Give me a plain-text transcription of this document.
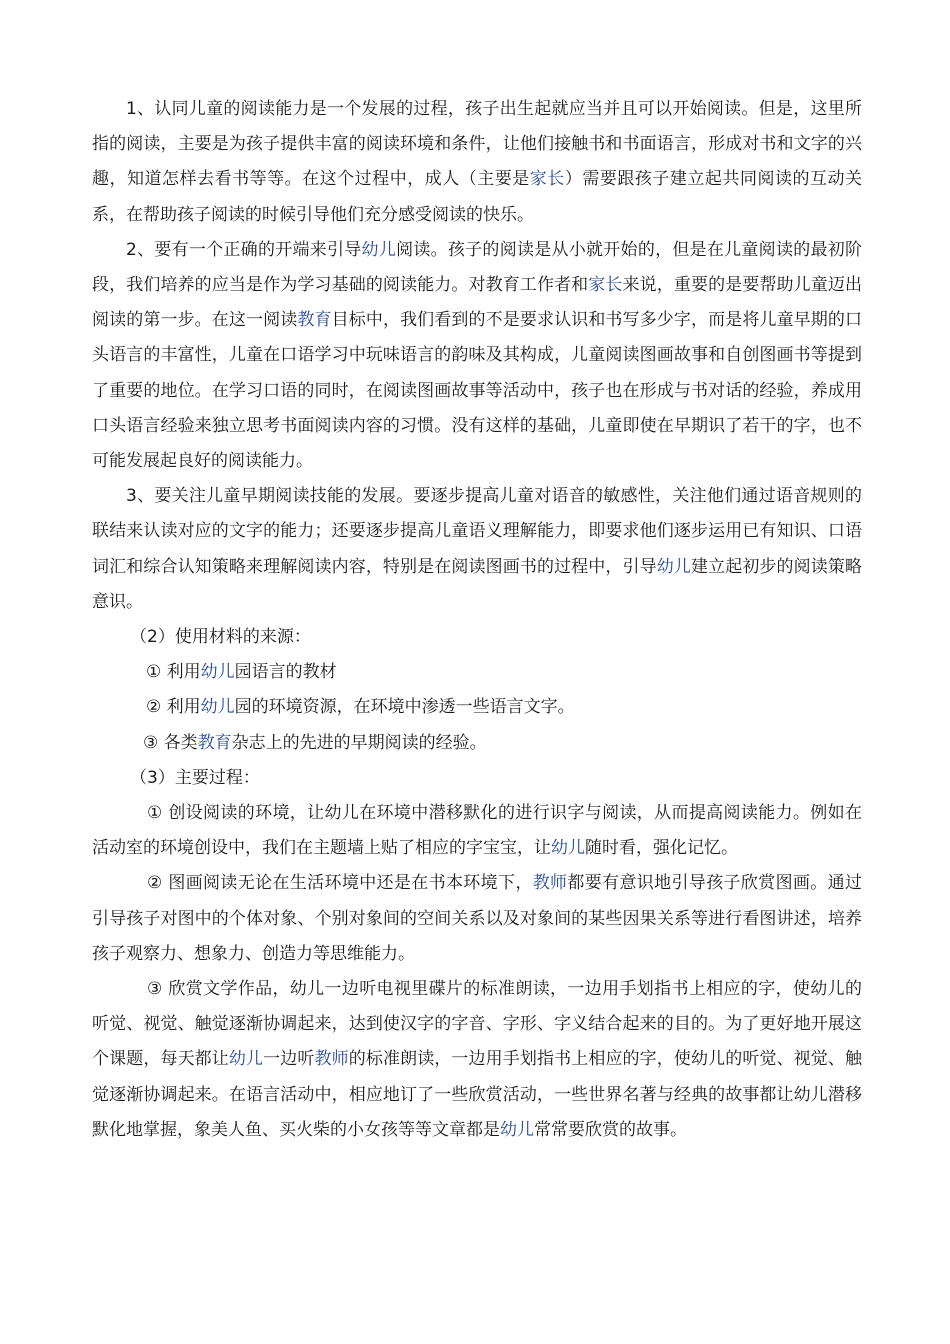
1、认同儿童的阅读能力是一个发展的过程，孩子出生起就应当并且可以开始阅读。但是，这里所指的阅读，主要是为孩子提供丰富的阅读环境和条件，让他们接触书和书面语言，形成对书和文字的兴趣，知道怎样去看书等等。在这个过程中，成人（主要是家长）需要跟孩子建立起共同阅读的互动关系，在帮助孩子阅读的时候引导他们充分感受阅读的快乐。

2、要有一个正确的开端来引导幼儿阅读。孩子的阅读是从小就开始的，但是在儿童阅读的最初阶段，我们培养的应当是作为学习基础的阅读能力。对教育工作者和家长来说，重要的是要帮助儿童迈出阅读的第一步。在这一阅读教育目标中，我们看到的不是要求认识和书写多少字，而是将儿童早期的口头语言的丰富性，儿童在口语学习中玩味语言的韵味及其构成，儿童阅读图画故事和自创图画书等提到了重要的地位。在学习口语的同时，在阅读图画故事等活动中，孩子也在形成与书对话的经验，养成用口头语言经验来独立思考书面阅读内容的习惯。没有这样的基础，儿童即使在早期识了若干的字，也不可能发展起良好的阅读能力。

3、要关注儿童早期阅读技能的发展。要逐步提高儿童对语音的敏感性，关注他们通过语音规则的联结来认读对应的文字的能力；还要逐步提高儿童语义理解能力，即要求他们逐步运用已有知识、口语词汇和综合认知策略来理解阅读内容，特别是在阅读图画书的过程中，引导幼儿建立起初步的阅读策略意识。

（2）使用材料的来源：

① 利用幼儿园语言的教材

② 利用幼儿园的环境资源，在环境中渗透一些语言文字。

③ 各类教育杂志上的先进的早期阅读的经验。

（3）主要过程：

① 创设阅读的环境，让幼儿在环境中潜移默化的进行识字与阅读，从而提高阅读能力。例如在活动室的环境创设中，我们在主题墙上贴了相应的字宝宝，让幼儿随时看，强化记忆。

② 图画阅读无论在生活环境中还是在书本环境下，教师都要有意识地引导孩子欣赏图画。通过引导孩子对图中的个体对象、个别对象间的空间关系以及对象间的某些因果关系等进行看图讲述，培养孩子观察力、想象力、创造力等思维能力。

③ 欣赏文学作品，幼儿一边听电视里碟片的标准朗读，一边用手划指书上相应的字，使幼儿的听觉、视觉、触觉逐渐协调起来，达到使汉字的字音、字形、字义结合起来的目的。为了更好地开展这个课题，每天都让幼儿一边听教师的标准朗读，一边用手划指书上相应的字，使幼儿的听觉、视觉、触觉逐渐协调起来。在语言活动中，相应地订了一些欣赏活动，一些世界名著与经典的故事都让幼儿潜移默化地掌握，象美人鱼、买火柴的小女孩等等文章都是幼儿常常要欣赏的故事。
